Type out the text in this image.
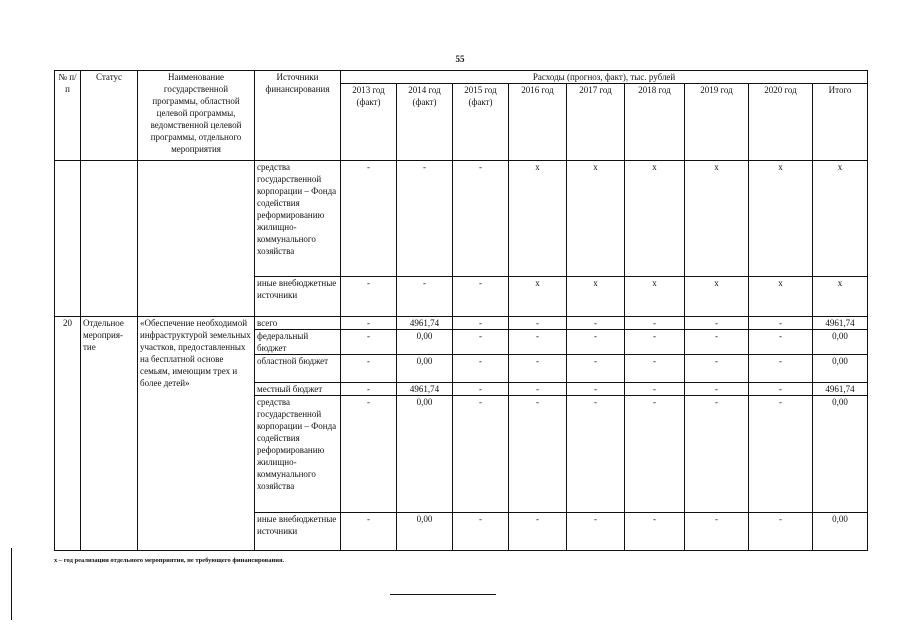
55
№ п/п	Статус	Наименование государственной программы, областной целевой программы, ведомственной целевой программы, отдельного мероприятия	Источники финансирования	Расходы (прогноз, факт), тыс. рублей								
				2013 год (факт)	2014 год (факт)	2015 год (факт)	2016 год	2017 год	2018 год	2019 год	2020 год	Итого
			средства государственной корпорации – Фонда содействия реформированию жилищно-коммунального хозяйства	-	-	-	x	x	x	x	x	x
			иные внебюджетные источники	-	-	-	x	x	x	x	x	x
20	Отдельное мероприя-тие	«Обеспечение необходимой инфраструктурой земельных участков, предоставленных на бесплатной основе семьям, имеющим трех и более детей»	всего	-	4961,74	-	-	-	-	-	-	4961,74
			федеральный бюджет	-	0,00	-	-	-	-	-	-	0,00
			областной бюджет	-	0,00	-	-	-	-	-	-	0,00
			местный бюджет	-	4961,74	-	-	-	-	-	-	4961,74
			средства государственной корпорации – Фонда содействия реформированию жилищно-коммунального хозяйства	-	0,00	-	-	-	-	-	-	0,00
			иные внебюджетные источники	-	0,00	-	-	-	-	-	-	0,00
х – год реализации отдельного мероприятия, не требующего финансирования.
